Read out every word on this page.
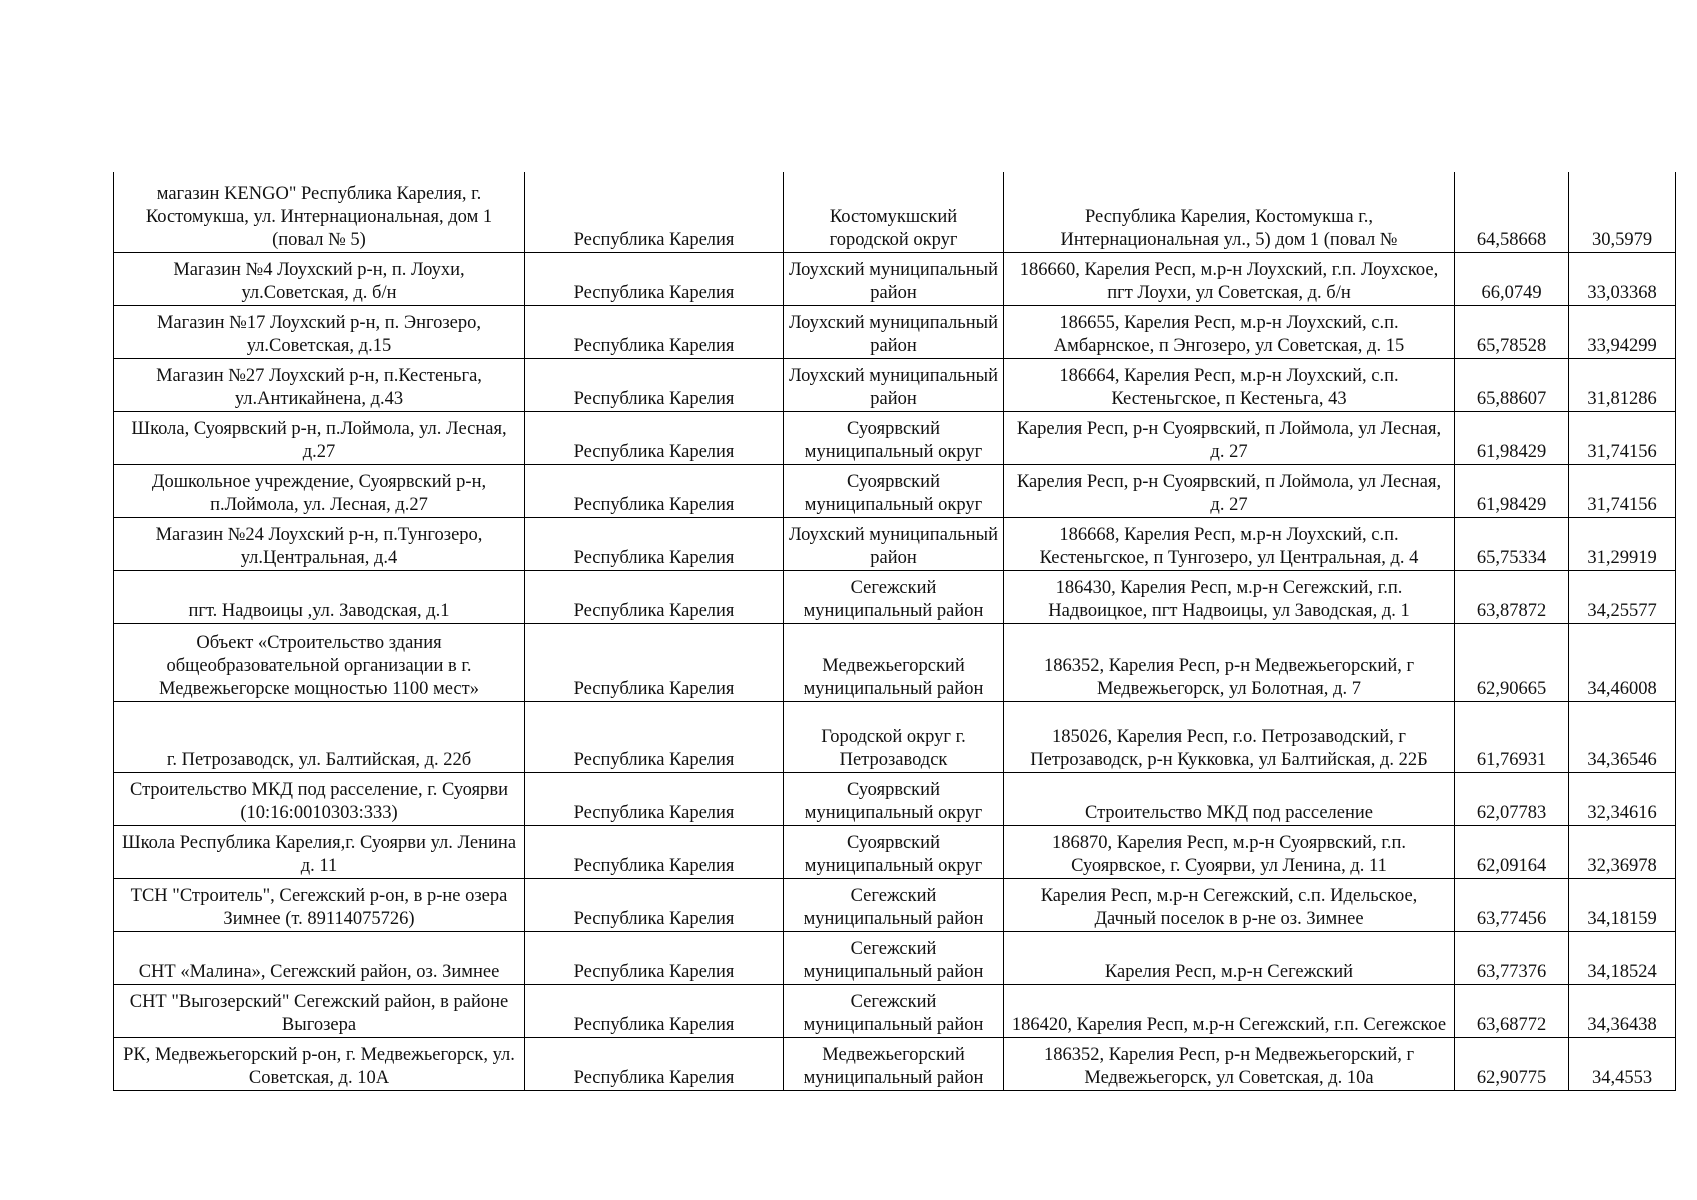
магазин KENGO" Республика Карелия, г. Костомукша, ул. Интернациональная, дом 1 (повал № 5)	Республика Карелия	Костомукшский городской округ	Республика Карелия, Костомукша г., Интернациональная ул., 5) дом 1 (повал №	64,58668	30,5979
Магазин №4 Лоухский р-н, п. Лоухи, ул.Советская, д. б/н	Республика Карелия	Лоухский муниципальный район	186660, Карелия Респ, м.р-н Лоухский, г.п. Лоухское, пгт Лоухи, ул Советская, д. б/н	66,0749	33,03368
Магазин №17 Лоухский р-н, п. Энгозеро, ул.Советская, д.15	Республика Карелия	Лоухский муниципальный район	186655, Карелия Респ, м.р-н Лоухский, с.п. Амбарнское, п Энгозеро, ул Советская, д. 15	65,78528	33,94299
Магазин №27 Лоухский р-н, п.Кестеньга, ул.Антикайнена, д.43	Республика Карелия	Лоухский муниципальный район	186664, Карелия Респ, м.р-н Лоухский, с.п. Кестеньгское, п Кестеньга, 43	65,88607	31,81286
Школа, Суоярвский р-н, п.Лоймола, ул. Лесная, д.27	Республика Карелия	Суоярвский муниципальный округ	Карелия Респ, р-н Суоярвский, п Лоймола, ул Лесная, д. 27	61,98429	31,74156
Дошкольное учреждение, Суоярвский р-н, п.Лоймола, ул. Лесная, д.27	Республика Карелия	Суоярвский муниципальный округ	Карелия Респ, р-н Суоярвский, п Лоймола, ул Лесная, д. 27	61,98429	31,74156
Магазин №24 Лоухский р-н, п.Тунгозеро, ул.Центральная, д.4	Республика Карелия	Лоухский муниципальный район	186668, Карелия Респ, м.р-н Лоухский, с.п. Кестеньгское, п Тунгозеро, ул Центральная, д. 4	65,75334	31,29919
пгт. Надвоицы ,ул. Заводская, д.1	Республика Карелия	Сегежский муниципальный район	186430, Карелия Респ, м.р-н Сегежский, г.п. Надвоицкое, пгт Надвоицы, ул Заводская, д. 1	63,87872	34,25577
Объект «Строительство здания общеобразовательной организации в г. Медвежьегорске мощностью 1100 мест»	Республика Карелия	Медвежьегорский муниципальный район	186352, Карелия Респ, р-н Медвежьегорский, г Медвежьегорск, ул Болотная, д. 7	62,90665	34,46008
г. Петрозаводск, ул. Балтийская, д. 22б	Республика Карелия	Городской округ г. Петрозаводск	185026, Карелия Респ, г.о. Петрозаводский, г Петрозаводск, р-н Кукковка, ул Балтийская, д. 22Б	61,76931	34,36546
Строительство МКД под расселение, г. Суоярви (10:16:0010303:333)	Республика Карелия	Суоярвский муниципальный округ	Строительство МКД под расселение	62,07783	32,34616
Школа Республика Карелия,г. Суоярви ул. Ленина д. 11	Республика Карелия	Суоярвский муниципальный округ	186870, Карелия Респ, м.р-н Суоярвский, г.п. Суоярвское, г. Суоярви, ул Ленина, д. 11	62,09164	32,36978
ТСН "Строитель", Сегежский р-он, в р-не озера Зимнее (т. 89114075726)	Республика Карелия	Сегежский муниципальный район	Карелия Респ, м.р-н Сегежский, с.п. Идельское, Дачный поселок в р-не оз. Зимнее	63,77456	34,18159
СНТ «Малина», Сегежский район, оз. Зимнее	Республика Карелия	Сегежский муниципальный район	Карелия Респ, м.р-н Сегежский	63,77376	34,18524
СНТ "Выгозерский" Сегежский район, в районе Выгозера	Республика Карелия	Сегежский муниципальный район	186420, Карелия Респ, м.р-н Сегежский, г.п. Сегежское	63,68772	34,36438
РК, Медвежьегорский р-он, г. Медвежьегорск, ул. Советская, д. 10А	Республика Карелия	Медвежьегорский муниципальный район	186352, Карелия Респ, р-н Медвежьегорский, г Медвежьегорск, ул Советская, д. 10а	62,90775	34,4553
